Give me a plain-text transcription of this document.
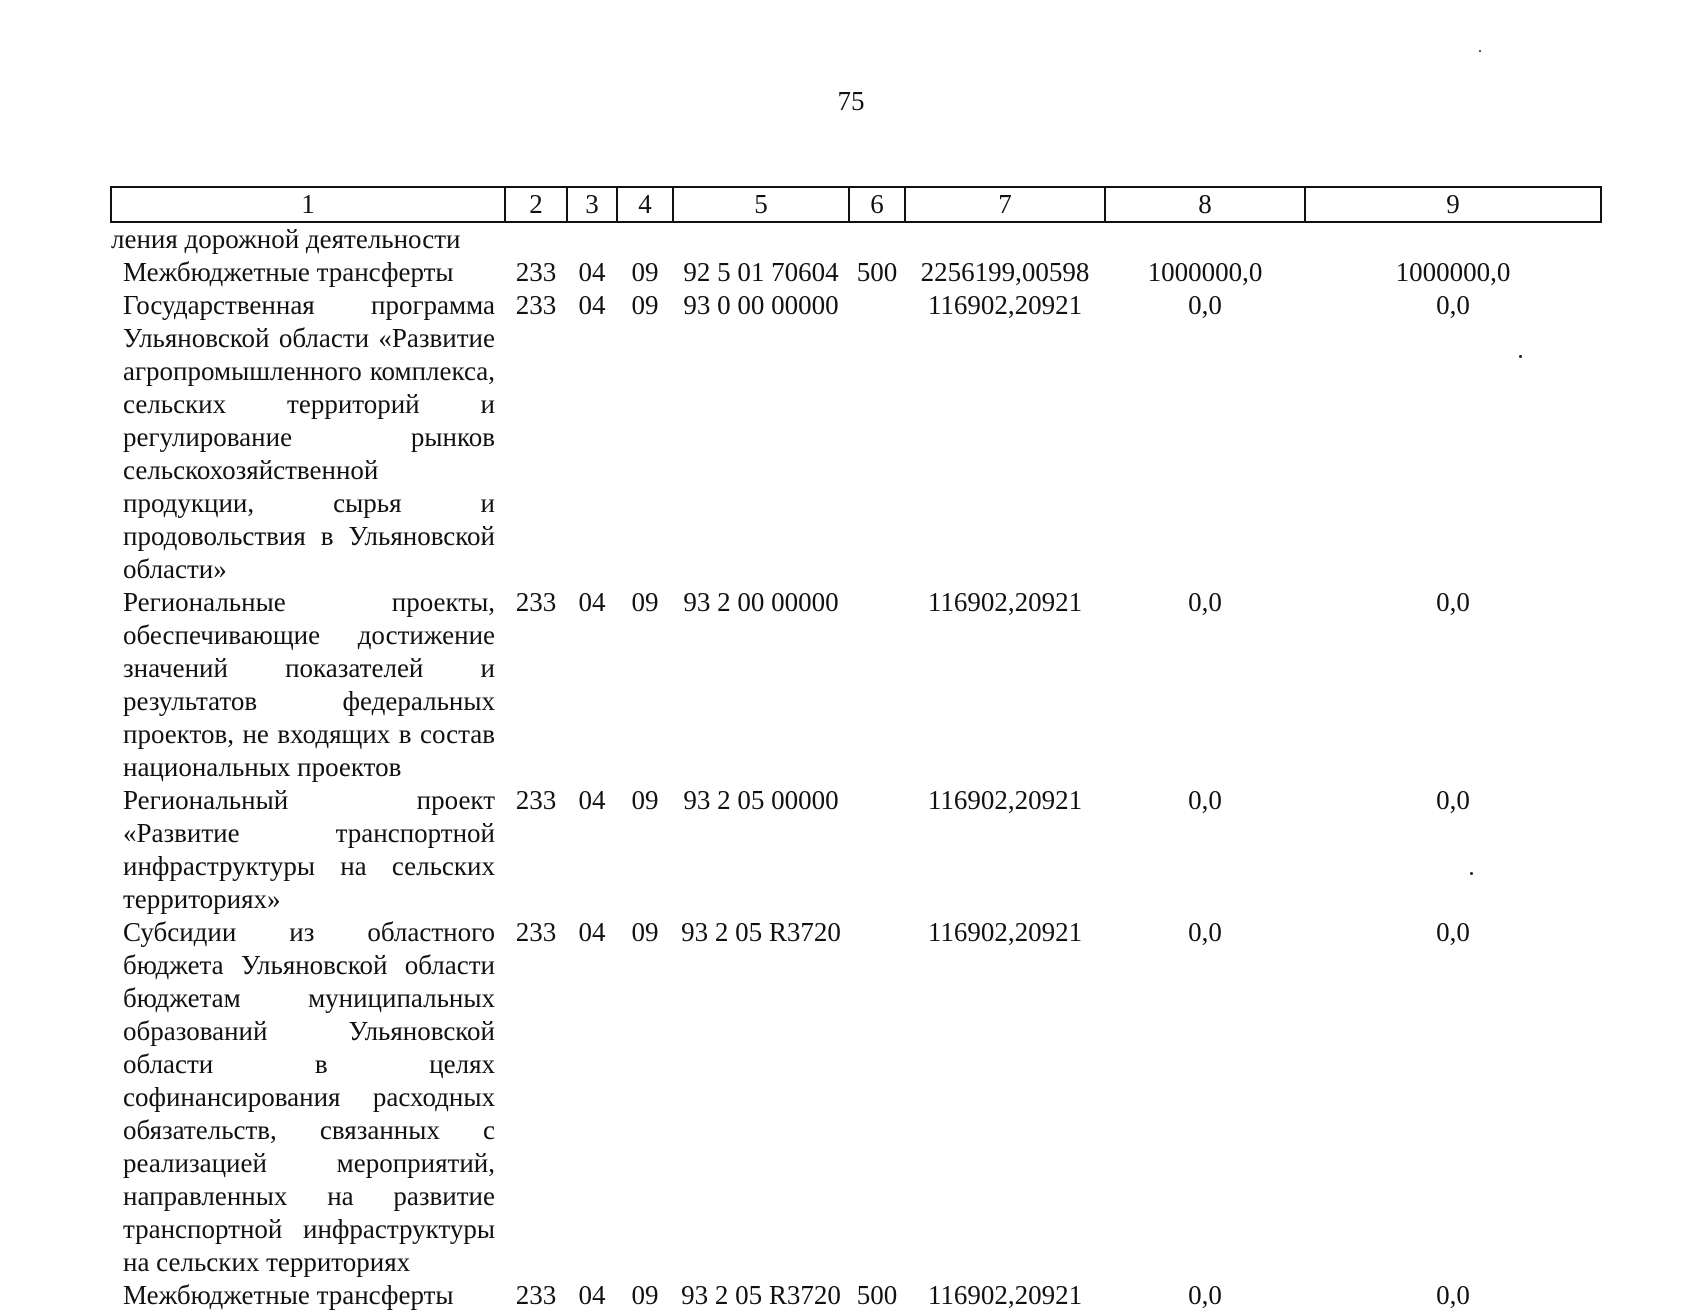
75
1	2	3	4	5	6	7	8	9
ления дорожной деятельности								
Межбюджетные трансферты	233	04	09	92 5 01 70604	500	2256199,00598	1000000,0	1000000,0
Государственная программа Ульяновской области «Развитие агропромышленного комплекса, сельских территорий и регулирование рынков сельскохозяйственной продукции, сырья и продовольствия в Ульяновской области»	233	04	09	93 0 00 00000		116902,20921	0,0	0,0
Региональные проекты, обеспечивающие достижение значений показателей и результатов федеральных проектов, не входящих в состав национальных проектов	233	04	09	93 2 00 00000		116902,20921	0,0	0,0
Региональный проект «Развитие транспортной инфраструктуры на сельских территориях»	233	04	09	93 2 05 00000		116902,20921	0,0	0,0
Субсидии из областного бюджета Ульяновской области бюджетам муниципальных образований Ульяновской области в целях софинансирования расходных обязательств, связанных с реализацией мероприятий, направленных на развитие транспортной инфраструктуры на сельских территориях	233	04	09	93 2 05 R3720		116902,20921	0,0	0,0
Межбюджетные трансферты	233	04	09	93 2 05 R3720	500	116902,20921	0,0	0,0
